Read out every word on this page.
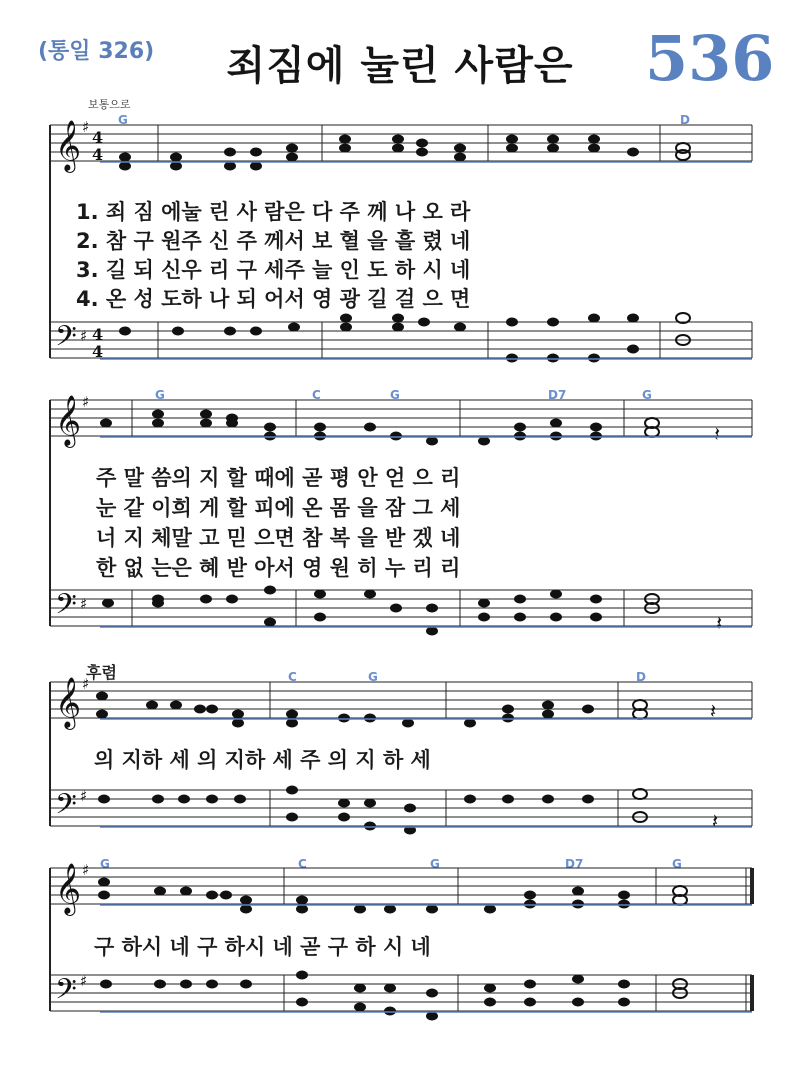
(통일 326)	죄짐에 눌린 사람은	536
보통으로
G	D
G	C	G	D7	G
C	G	D
G	C	G	D7	G
𝄞
𝄢
𝄞
𝄢
𝄞
𝄢
𝄞
𝄢
♯
♯
♯
♯
♯
♯
♯
♯
4
4
4
4
𝄽
𝄽
𝄽
𝄽
1. 죄 짐 에눌 린 사 람은 다 주 께 나 오 라
2. 참 구 원주 신 주 께서 보 혈 을 흘 렸 네
3. 길 되 신우 리 구 세주 늘 인 도 하 시 네
4. 온 성 도하 나 되 어서 영 광 길 걸 으 면
주 말 씀의 지 할 때에 곧 평 안 얻 으 리
눈 같 이희 게 할 피에 온 몸 을 잠 그 세
너 지 체말 고 믿 으면 참 복 을 받 겠 네
한 없 는은 혜 받 아서 영 원 히 누 리 리
후렴
의 지하 세 의 지하 세 주 의 지 하 세
구 하시 네 구 하시 네 곧 구 하 시 네
